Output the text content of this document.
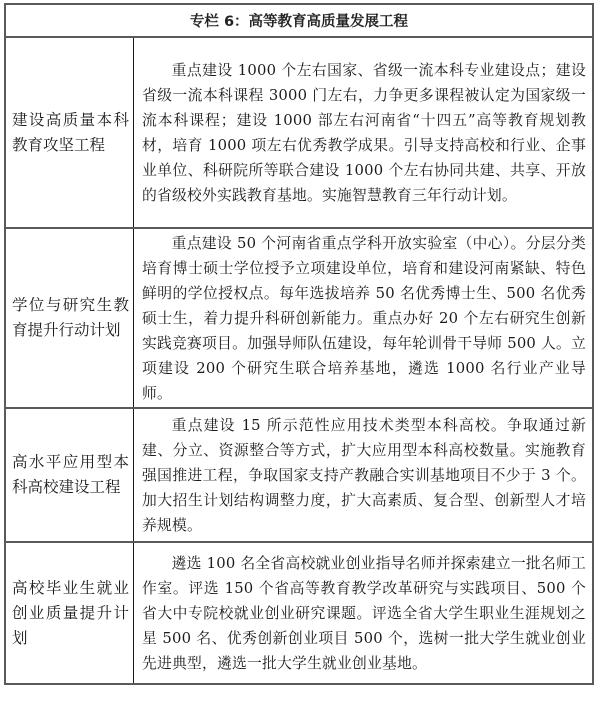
专栏 6：高等教育高质量发展工程
建设高质量本科教育攻坚工程

重点建设 1000 个左右国家、省级一流本科专业建设点；建设省级一流本科课程 3000 门左右，力争更多课程被认定为国家级一流本科课程；建设 1000 部左右河南省“十四五”高等教育规划教材，培育 1000 项左右优秀教学成果。引导支持高校和行业、企事业单位、科研院所等联合建设 1000 个左右协同共建、共享、开放的省级校外实践教育基地。实施智慧教育三年行动计划。

学位与研究生教育提升行动计划

重点建设 50 个河南省重点学科开放实验室（中心）。分层分类培育博士硕士学位授予立项建设单位，培育和建设河南紧缺、特色鲜明的学位授权点。每年选拔培养 50 名优秀博士生、500 名优秀硕士生，着力提升科研创新能力。重点办好 20 个左右研究生创新实践竞赛项目。加强导师队伍建设，每年轮训骨干导师 500 人。立项建设 200 个研究生联合培养基地，遴选 1000 名行业产业导师。

高水平应用型本科高校建设工程

重点建设 15 所示范性应用技术类型本科高校。争取通过新建、分立、资源整合等方式，扩大应用型本科高校数量。实施教育强国推进工程，争取国家支持产教融合实训基地项目不少于 3 个。加大招生计划结构调整力度，扩大高素质、复合型、创新型人才培养规模。

高校毕业生就业创业质量提升计划

遴选 100 名全省高校就业创业指导名师并探索建立一批名师工作室。评选 150 个省高等教育教学改革研究与实践项目、500 个省大中专院校就业创业研究课题。评选全省大学生职业生涯规划之星 500 名、优秀创新创业项目 500 个，选树一批大学生就业创业先进典型，遴选一批大学生就业创业基地。
